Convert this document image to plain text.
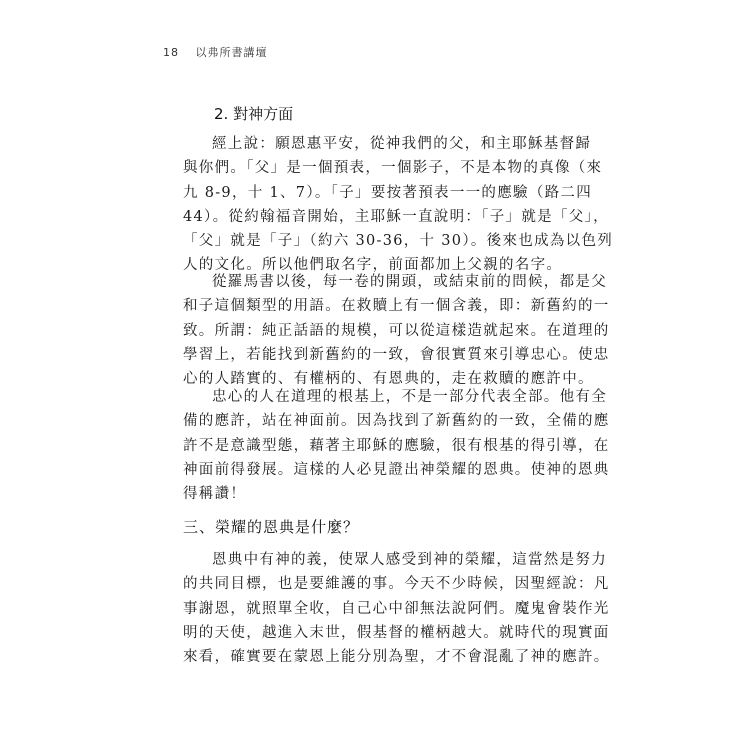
18 以弗所書講壇
2. 對神方面

經上說：願恩惠平安，從神我們的父，和主耶穌基督歸
與你們。「父」是一個預表，一個影子，不是本物的真像（來
九 8-9，十 1、7）。「子」要按著預表一一的應驗（路二四
44）。從約翰福音開始，主耶穌一直說明：「子」就是「父」，
「父」就是「子」（約六 30-36，十 30）。後來也成為以色列
人的文化。所以他們取名字，前面都加上父親的名字。

從羅馬書以後，每一卷的開頭，或結束前的問候，都是父
和子這個類型的用語。在救贖上有一個含義，即：新舊約的一
致。所謂：純正話語的規模，可以從這樣造就起來。在道理的
學習上，若能找到新舊約的一致，會很實質來引導忠心。使忠
心的人踏實的、有權柄的、有恩典的，走在救贖的應許中。

忠心的人在道理的根基上，不是一部分代表全部。他有全
備的應許，站在神面前。因為找到了新舊約的一致，全備的應
許不是意識型態，藉著主耶穌的應驗，很有根基的得引導，在
神面前得發展。這樣的人必見證出神榮耀的恩典。使神的恩典
得稱讚！

三、榮耀的恩典是什麼？

恩典中有神的義，使眾人感受到神的榮耀，這當然是努力
的共同目標，也是要維護的事。今天不少時候，因聖經說：凡
事謝恩，就照單全收，自己心中卻無法說阿們。魔鬼會裝作光
明的天使，越進入末世，假基督的權柄越大。就時代的現實面
來看，確實要在蒙恩上能分別為聖，才不會混亂了神的應許。
